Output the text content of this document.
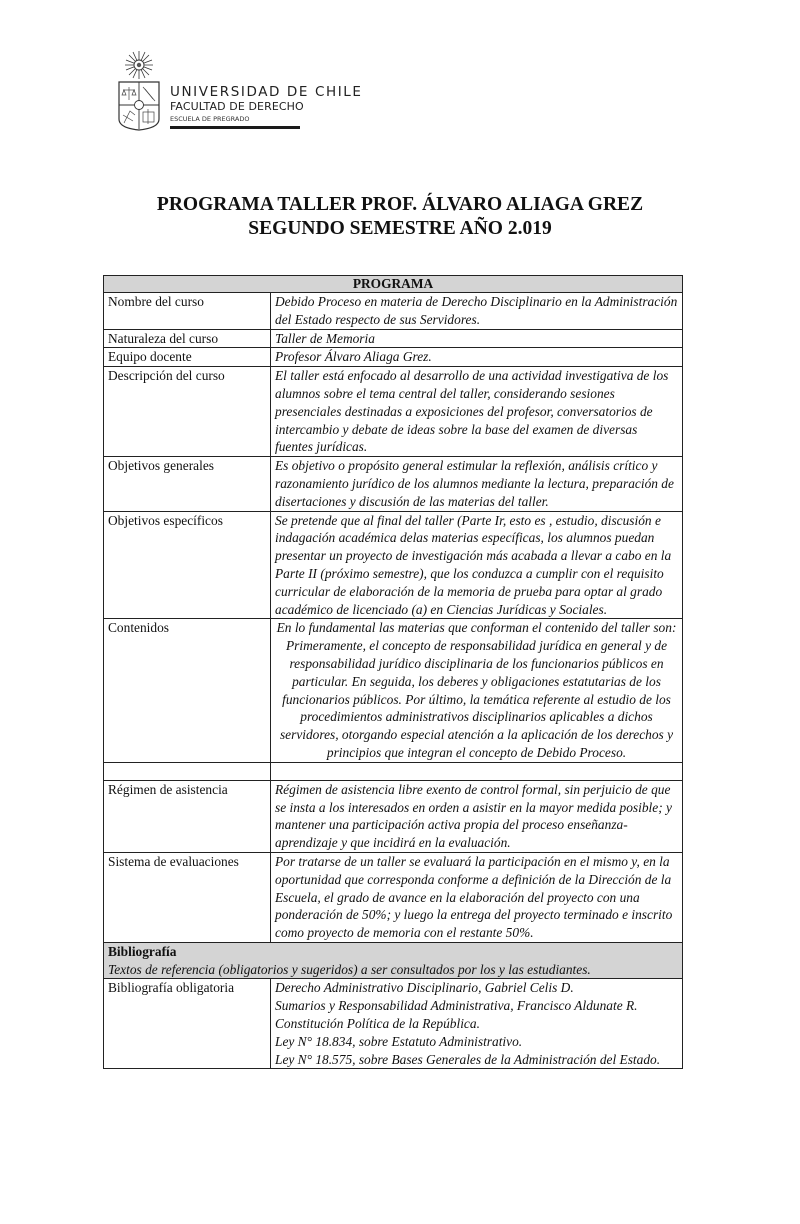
UNIVERSIDAD DE CHILE
FACULTAD DE DERECHO
ESCUELA DE PREGRADO
PROGRAMA TALLER PROF. ÁLVARO ALIAGA GREZ
SEGUNDO SEMESTRE AÑO 2.019
PROGRAMA	
Nombre del curso	Debido Proceso en materia de Derecho Disciplinario en la Administración del Estado respecto de sus Servidores.
Naturaleza del curso	Taller de Memoria
Equipo docente	Profesor Álvaro Aliaga Grez.
Descripción del curso	El taller está enfocado al desarrollo de una actividad investigativa de los alumnos sobre el tema central del taller, considerando sesiones presenciales destinadas a exposiciones del profesor, conversatorios de intercambio y debate de ideas sobre la base del examen de diversas fuentes jurídicas.
Objetivos generales	Es objetivo o propósito general estimular la reflexión, análisis crítico y razonamiento jurídico de los alumnos mediante la lectura, preparación de disertaciones y discusión de las materias del taller.
Objetivos específicos	Se pretende que al final del taller (Parte Ir, esto es , estudio, discusión e indagación académica delas materias específicas, los alumnos puedan presentar un proyecto de investigación más acabada a llevar a cabo en la Parte II (próximo semestre), que los conduzca a cumplir con el requisito curricular de elaboración de la memoria de prueba para optar al grado académico de licenciado (a) en Ciencias Jurídicas y Sociales.
Contenidos	En lo fundamental las materias que conforman el contenido del taller son: Primeramente, el concepto de responsabilidad jurídica en general y de responsabilidad jurídico disciplinaria de los funcionarios públicos en particular. En seguida, los deberes y obligaciones estatutarias de los funcionarios públicos. Por último, la temática referente al estudio de los procedimientos administrativos disciplinarios aplicables a dichos servidores, otorgando especial atención a la aplicación de los derechos y principios que integran el concepto de Debido Proceso.

Régimen de asistencia	Régimen de asistencia libre exento de control formal, sin perjuicio de que se insta a los interesados en orden a asistir en la mayor medida posible; y mantener una participación activa propia del proceso enseñanza- aprendizaje y que incidirá en la evaluación.
Sistema de evaluaciones	Por tratarse de un taller se evaluará la participación en el mismo y, en la oportunidad que corresponda conforme a definición de la Dirección de la Escuela, el grado de avance en la elaboración del proyecto con una ponderación de 50%; y luego la entrega del proyecto terminado e inscrito como proyecto de memoria con el restante 50%.

Bibliografía
Textos de referencia (obligatorios y sugeridos) a ser consultados por los y las estudiantes.	

Bibliografía obligatoria	Derecho Administrativo Disciplinario, Gabriel Celis D.
Sumarios y Responsabilidad Administrativa, Francisco Aldunate R.
Constitución Política de la República.
Ley N° 18.834, sobre Estatuto Administrativo.
Ley N° 18.575, sobre Bases Generales de la Administración del Estado.
